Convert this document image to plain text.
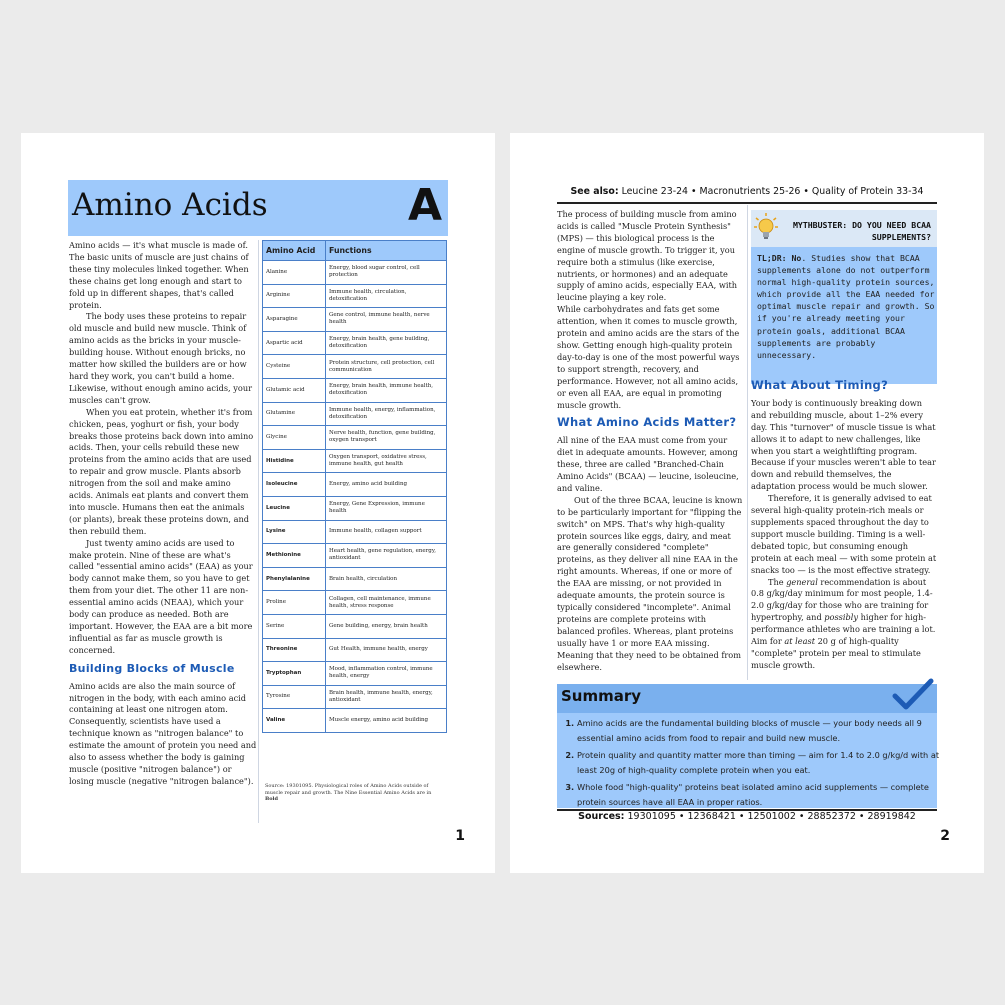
Amino Acids	A

Amino acids — it's what muscle is made of. The basic units of muscle are just chains of these tiny molecules linked together. When these chains get long enough and start to fold up in different shapes, that's called protein.

The body uses these proteins to repair old muscle and build new muscle. Think of amino acids as the bricks in your muscle-building house. Without enough bricks, no matter how skilled the builders are or how hard they work, you can't build a home. Likewise, without enough amino acids, your muscles can't grow.

When you eat protein, whether it's from chicken, peas, yoghurt or fish, your body breaks those proteins back down into amino acids. Then, your cells rebuild these new proteins from the amino acids that are used to repair and grow muscle. Plants absorb nitrogen from the soil and make amino acids. Animals eat plants and convert them into muscle. Humans then eat the animals (or plants), break these proteins down, and then rebuild them.

Just twenty amino acids are used to make protein. Nine of these are what's called "essential amino acids" (EAA) as your body cannot make them, so you have to get them from your diet. The other 11 are non-essential amino acids (NEAA), which your body can produce as needed. Both are important. However, the EAA are a bit more influential as far as muscle growth is concerned.

Building Blocks of Muscle

Amino acids are also the main source of nitrogen in the body, with each amino acid containing at least one nitrogen atom. Consequently, scientists have used a technique known as "nitrogen balance" to estimate the amount of protein you need and also to assess whether the body is gaining muscle (positive "nitrogen balance") or losing muscle (negative "nitrogen balance").

Amino Acid	Functions
Alanine	Energy, blood sugar control, cell protection
Arginine	Immune health, circulation, detoxification
Asparagine	Gene control, immune health, nerve health
Aspartic acid	Energy, brain health, gene building, detoxification
Cysteine	Protein structure, cell protection, cell communication
Glutamic acid	Energy, brain health, immune health, detoxification
Glutamine	Immune health, energy, inflammation, detoxification
Glycine	Nerve health, function, gene building, oxygen transport
Histidine	Oxygen transport, oxidative stress, immune health, gut health
Isoleucine	Energy, amino acid building
Leucine	Energy, Gene Expression, immune health
Lysine	Immune health, collagen support
Methionine	Heart health, gene regulation, energy, antioxidant
Phenylalanine	Brain health, circulation
Proline	Collagen, cell maintenance, immune health, stress response
Serine	Gene building, energy, brain health
Threonine	Gut Health, immune health, energy
Tryptophan	Mood, inflammation control, immune health, energy
Tyrosine	Brain health, immune health, energy, antioxidant
Valine	Muscle energy, amino acid building
Source: 19301095. Physiological roles of Amino Acids outside of muscle repair and growth. The Nine Essential Amino Acids are in Bold
1
See also: Leucine 23-24 • Macronutrients 25-26 • Quality of Protein 33-34

The process of building muscle from amino acids is called "Muscle Protein Synthesis" (MPS) — this biological process is the engine of muscle growth. To trigger it, you require both a stimulus (like exercise, nutrients, or hormones) and an adequate supply of amino acids, especially EAA, with leucine playing a key role.

While carbohydrates and fats get some attention, when it comes to muscle growth, protein and amino acids are the stars of the show. Getting enough high-quality protein day-to-day is one of the most powerful ways to support strength, recovery, and performance. However, not all amino acids, or even all EAA, are equal in promoting muscle growth.

What Amino Acids Matter?

All nine of the EAA must come from your diet in adequate amounts. However, among these, three are called "Branched-Chain Amino Acids" (BCAA) — leucine, isoleucine, and valine.

Out of the three BCAA, leucine is known to be particularly important for "flipping the switch" on MPS. That's why high-quality protein sources like eggs, dairy, and meat are generally considered "complete" proteins, as they deliver all nine EAA in the right amounts. Whereas, if one or more of the EAA are missing, or not provided in adequate amounts, the protein source is typically considered "incomplete". Animal proteins are complete proteins with balanced profiles. Whereas, plant proteins usually have 1 or more EAA missing. Meaning that they need to be obtained from elsewhere.

MYTHBUSTER: DO YOU NEED BCAA SUPPLEMENTS?
TL;DR: No. Studies show that BCAA supplements alone do not outperform normal high-quality protein sources, which provide all the EAA needed for optimal muscle repair and growth. So if you're already meeting your protein goals, additional BCAA supplements are probably unnecessary.

What About Timing?

Your body is continuously breaking down and rebuilding muscle, about 1–2% every day. This "turnover" of muscle tissue is what allows it to adapt to new challenges, like when you start a weightlifting program. Because if your muscles weren't able to tear down and rebuild themselves, the adaptation process would be much slower.

Therefore, it is generally advised to eat several high-quality protein-rich meals or supplements spaced throughout the day to support muscle building. Timing is a well-debated topic, but consuming enough protein at each meal — with some protein at snacks too — is the most effective strategy.

The general recommendation is about 0.8 g/kg/day minimum for most people, 1.4-2.0 g/kg/day for those who are training for hypertrophy, and possibly higher for high-performance athletes who are training a lot. Aim for at least 20 g of high-quality "complete" protein per meal to stimulate muscle growth.

Summary
1. Amino acids are the fundamental building blocks of muscle — your body needs all 9 essential amino acids from food to repair and build new muscle.
2. Protein quality and quantity matter more than timing — aim for 1.4 to 2.0 g/kg/d with at least 20g of high-quality complete protein when you eat.
3. Whole food "high-quality" proteins beat isolated amino acid supplements — complete protein sources have all EAA in proper ratios.
Sources: 19301095 • 12368421 • 12501002 • 28852372 • 28919842
2
